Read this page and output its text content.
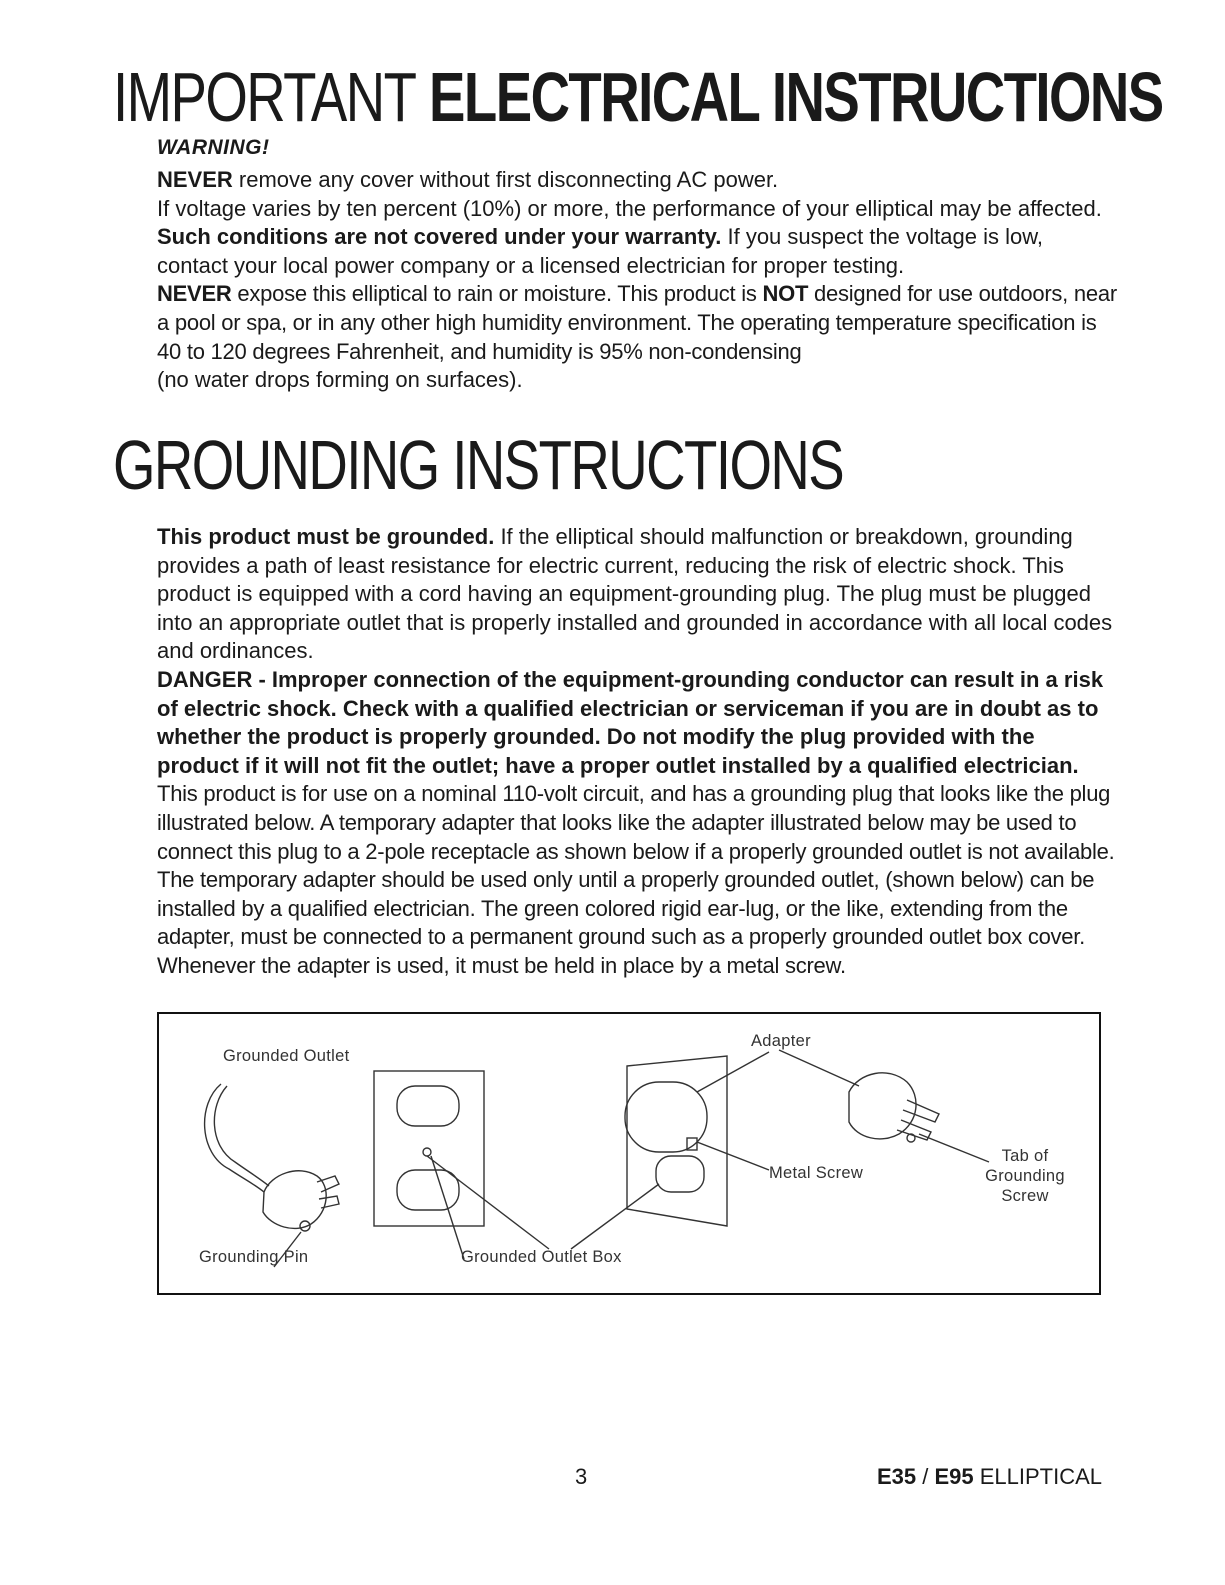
IMPORTANT ELECTRICAL INSTRUCTIONS
WARNING!

NEVER remove any cover without first disconnecting AC power.

If voltage varies by ten percent (10%) or more, the performance of your elliptical may be affected. Such conditions are not covered under your warranty. If you suspect the voltage is low, contact your local power company or a licensed electrician for proper testing.

NEVER expose this elliptical to rain or moisture. This product is NOT designed for use outdoors, near a pool or spa, or in any other high humidity environment. The operating temperature specification is 40 to 120 degrees Fahrenheit, and humidity is 95% non-condensing

(no water drops forming on surfaces).

GROUNDING INSTRUCTIONS

This product must be grounded. If the elliptical should malfunction or breakdown, grounding provides a path of least resistance for electric current, reducing the risk of electric shock. This product is equipped with a cord having an equipment-grounding plug. The plug must be plugged into an appropriate outlet that is properly installed and grounded in accordance with all local codes and ordinances.

DANGER - Improper connection of the equipment-grounding conductor can result in a risk of electric shock. Check with a qualified electrician or serviceman if you are in doubt as to whether the product is properly grounded. Do not modify the plug provided with the product if it will not fit the outlet; have a proper outlet installed by a qualified electrician.

This product is for use on a nominal 110-volt circuit, and has a grounding plug that looks like the plug illustrated below. A temporary adapter that looks like the adapter illustrated below may be used to connect this plug to a 2-pole receptacle as shown below if a properly grounded outlet is not available. The temporary adapter should be used only until a properly grounded outlet, (shown below) can be installed by a qualified electrician. The green colored rigid ear-lug, or the like, extending from the adapter, must be connected to a permanent ground such as a properly grounded outlet box cover. Whenever the adapter is used, it must be held in place by a metal screw.

Grounded Outlet
Adapter
Metal Screw
Tab of
Grounding
Screw
Grounding Pin	Grounded Outlet Box
3	E35 / E95 ELLIPTICAL
